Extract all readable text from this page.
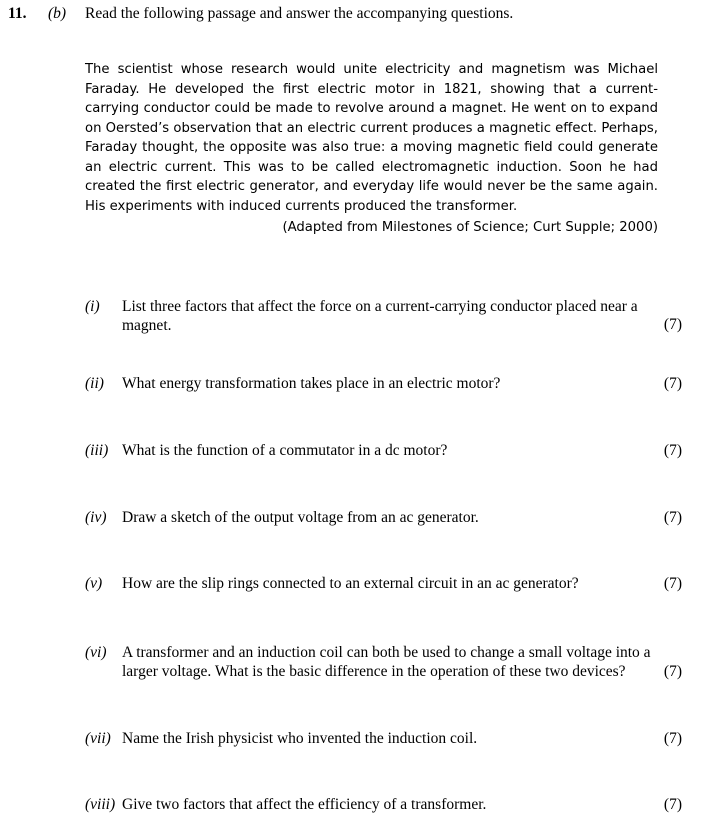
11. (b) Read the following passage and answer the accompanying questions.
The scientist whose research would unite electricity and magnetism was Michael
Faraday. He developed the first electric motor in 1821, showing that a current-
carrying conductor could be made to revolve around a magnet. He went on to expand
on Oersted’s observation that an electric current produces a magnetic effect. Perhaps,
Faraday thought, the opposite was also true: a moving magnetic field could generate
an electric current. This was to be called electromagnetic induction. Soon he had
created the first electric generator, and everyday life would never be the same again.
His experiments with induced currents produced the transformer.
(Adapted from Milestones of Science; Curt Supple; 2000)
(i) List three factors that affect the force on a current-carrying conductor placed near a
magnet.	(7)
(ii) What energy transformation takes place in an electric motor?	(7)
(iii) What is the function of a commutator in a dc motor?	(7)
(iv) Draw a sketch of the output voltage from an ac generator.	(7)
(v) How are the slip rings connected to an external circuit in an ac generator?	(7)
(vi) A transformer and an induction coil can both be used to change a small voltage into a
larger voltage. What is the basic difference in the operation of these two devices?	(7)
(vii) Name the Irish physicist who invented the induction coil.	(7)
(viii) Give two factors that affect the efficiency of a transformer.	(7)
